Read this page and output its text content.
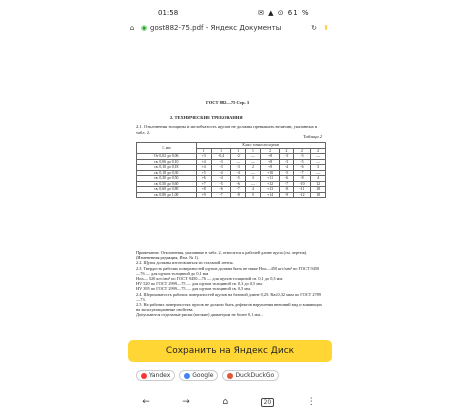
01:58	✉ ▲ ⊙ 61 %
⌂ ◉ gost882-75.pdf - Яндекс Документы	↻ ⬆
ГОСТ 882—75 Стр. 3
2. ТЕХНИЧЕСКИЕ ТРЕБОВАНИЯ
2.1. Отклонения толщины и желобчатость щупов не должны превышать величин, указанных в табл. 2.
Таблица 2
1, мм	Класс точности щупов							
	1	1	1	1	2	2	2	2
От 0,02 до 0,06	+3	-0,4	-2	—	+8	-3	-5	—
св. 0,06 до 0,10	+4	-3	—	—	+8	-3	-5	—
св. 0,10 до 0,18	+4	-3	-3	2	+9	-4	-6	3
св. 0,18 до 0,30	+5	-4	-4	—	+10	-5	-7	—
св. 0,30 до 0,50	+6	-4	-5	3	+11	-6	-8	4
св. 0,50 до 0,60	+7	-5	-6	—	+12	-7	-10	12
св. 0,60 до 0,80	+8	-6	-7	4	+13	-8	-11	18
св. 0,80 до 1,00	+9	-7	-8	5	+14	-9	-12	18
Примечание. Отклонения, указанные в табл. 2, относятся к рабочей длине щупа (см. чертеж).
(Измененная редакция, Изм. № 1).
2.2. Щупы должны изготовляться из стальной ленты.
2.3. Твердость рабочих поверхностей щупов должна быть не ниже Hₘₙ—450 кгс/мм² по ГОСТ 9450—76 — для щупов толщиной до 0,1 мм
Hₘₙ— 520 кгс/мм² по ГОСТ 9450—76 — для щупов толщиной св. 0,1 до 0,3 мм.
HV 520 по ГОСТ 2999—75 — для щупов толщиной св. 0,3 до 0,5 мм.
HV 395 по ГОСТ 2999—75 — для щупов толщиной св. 0,5 мм.
2.4. Шероховатость рабочих поверхностей щупов на базовой длине 0,25: Ra≤0,32 мкм по ГОСТ 2789—73.
2.5. На рабочих поверхностях щупов не должно быть дефектов нарушения внешний вид и влияющих на эксплуатационные свойства.
Допускаются отдельные риски (мелкие) диаметром не более 0,1 мм...
Сохранить на Яндекс Диск
Yandex	Google	DuckDuckGo
←	→	⌂	20	⋮
